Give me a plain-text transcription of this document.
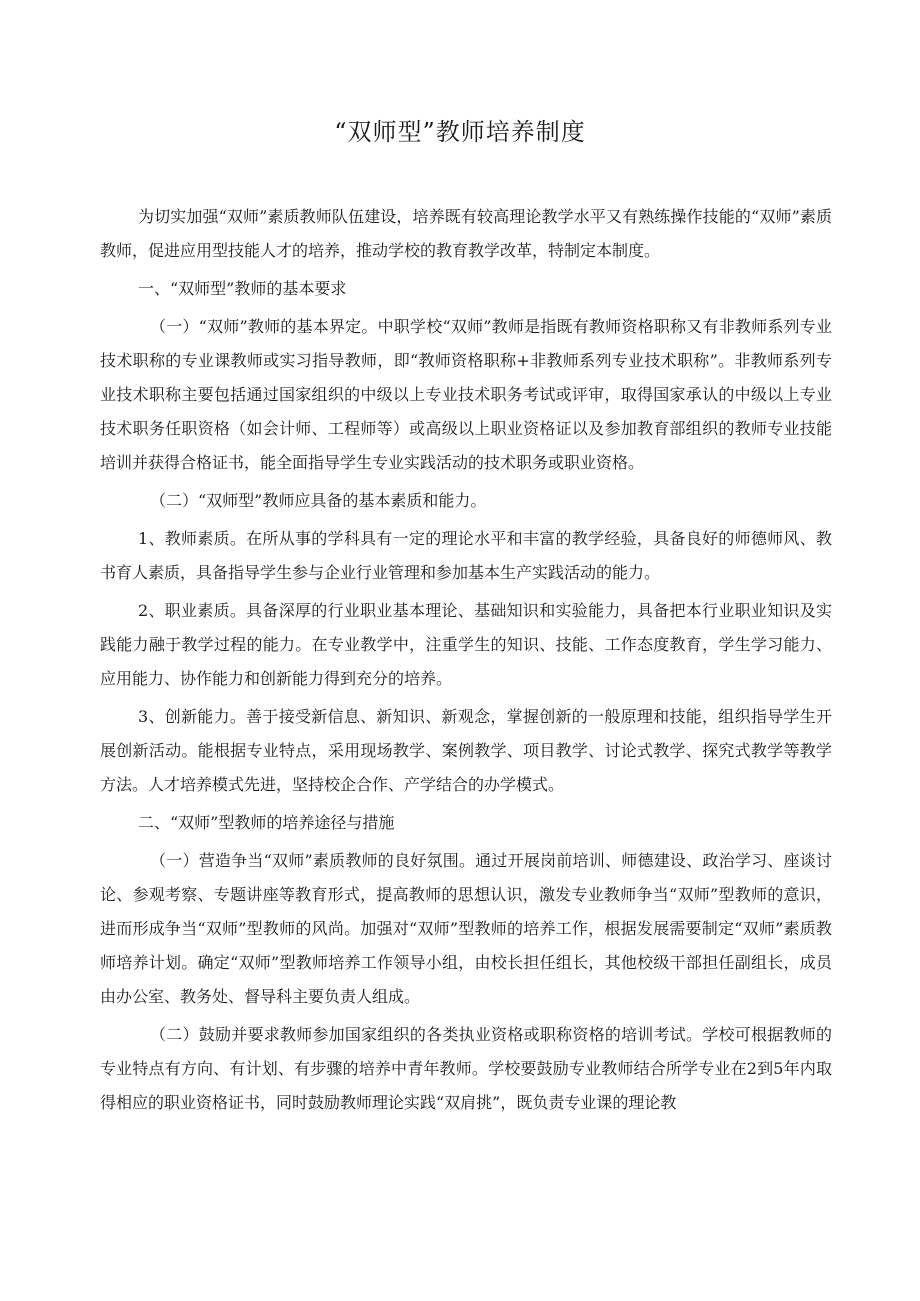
“双师型”教师培养制度

为切实加强“双师”素质教师队伍建设，培养既有较高理论教学水平又有熟练操作技能的“双师”素质教师，促进应用型技能人才的培养，推动学校的教育教学改革，特制定本制度。

一、“双师型”教师的基本要求

（一）“双师”教师的基本界定。中职学校“双师”教师是指既有教师资格职称又有非教师系列专业技术职称的专业课教师或实习指导教师，即“教师资格职称+非教师系列专业技术职称”。非教师系列专业技术职称主要包括通过国家组织的中级以上专业技术职务考试或评审，取得国家承认的中级以上专业技术职务任职资格（如会计师、工程师等）或高级以上职业资格证以及参加教育部组织的教师专业技能培训并获得合格证书，能全面指导学生专业实践活动的技术职务或职业资格。

（二）“双师型”教师应具备的基本素质和能力。

1、教师素质。在所从事的学科具有一定的理论水平和丰富的教学经验，具备良好的师德师风、教书育人素质，具备指导学生参与企业行业管理和参加基本生产实践活动的能力。

2、职业素质。具备深厚的行业职业基本理论、基础知识和实验能力，具备把本行业职业知识及实践能力融于教学过程的能力。在专业教学中，注重学生的知识、技能、工作态度教育，学生学习能力、应用能力、协作能力和创新能力得到充分的培养。

3、创新能力。善于接受新信息、新知识、新观念，掌握创新的一般原理和技能，组织指导学生开展创新活动。能根据专业特点，采用现场教学、案例教学、项目教学、讨论式教学、探究式教学等教学方法。人才培养模式先进，坚持校企合作、产学结合的办学模式。

二、“双师”型教师的培养途径与措施

（一）营造争当“双师”素质教师的良好氛围。通过开展岗前培训、师德建设、政治学习、座谈讨论、参观考察、专题讲座等教育形式，提高教师的思想认识，激发专业教师争当“双师”型教师的意识，进而形成争当“双师”型教师的风尚。加强对“双师”型教师的培养工作，根据发展需要制定“双师”素质教师培养计划。确定“双师”型教师培养工作领导小组，由校长担任组长，其他校级干部担任副组长，成员由办公室、教务处、督导科主要负责人组成。

（二）鼓励并要求教师参加国家组织的各类执业资格或职称资格的培训考试。学校可根据教师的专业特点有方向、有计划、有步骤的培养中青年教师。学校要鼓励专业教师结合所学专业在2到5年内取得相应的职业资格证书，同时鼓励教师理论实践“双肩挑”，既负责专业课的理论教
